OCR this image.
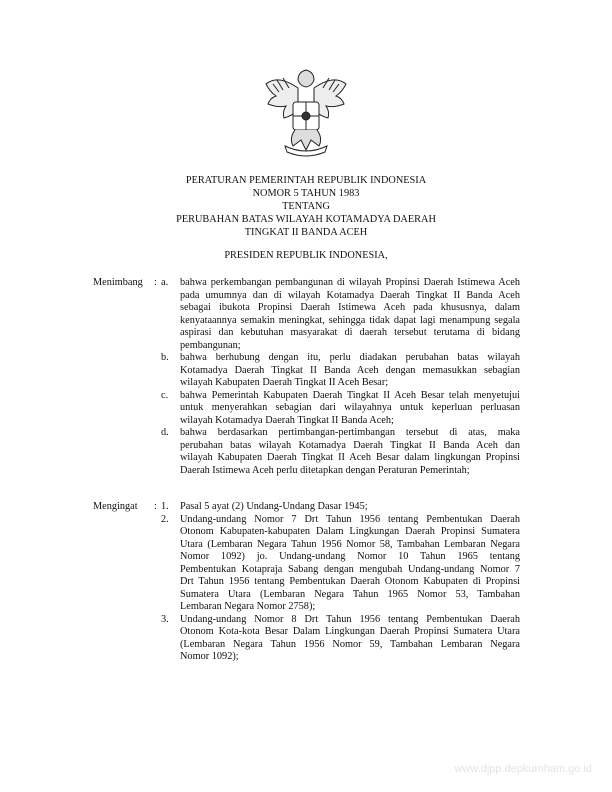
PERATURAN PEMERINTAH REPUBLIK INDONESIA
NOMOR 5 TAHUN 1983
TENTANG
PERUBAHAN BATAS WILAYAH KOTAMADYA DAERAH
TINGKAT II BANDA ACEH
PRESIDEN REPUBLIK INDONESIA,
Menimbang : a. bahwa perkembangan pembangunan di wilayah Propinsi Daerah Istimewa Aceh
pada umumnya dan di wilayah Kotamadya Daerah Tingkat II Banda Aceh
sebagai ibukota Propinsi Daerah Istimewa Aceh pada khususnya, dalam
kenyataannya semakin meningkat, sehingga tidak dapat lagi menampung segala
aspirasi dan kebutuhan masyarakat di daerah tersebut terutama di bidang
pembangunan;
b. bahwa berhubung dengan itu, perlu diadakan perubahan batas wilayah
Kotamadya Daerah Tingkat II Banda Aceh dengan memasukkan sebagian
wilayah Kabupaten Daerah Tingkat II Aceh Besar;
c. bahwa Pemerintah Kabupaten Daerah Tingkat II Aceh Besar telah menyetujui
untuk menyerahkan sebagian dari wilayahnya untuk keperluan perluasan
wilayah Kotamadya Daerah Tingkat II Banda Aceh;
d. bahwa berdasarkan pertimbangan-pertimbangan tersebut di atas, maka
perubahan batas wilayah Kotamadya Daerah Tingkat II Banda Aceh dan
wilayah Kabupaten Daerah Tingkat II Aceh Besar dalam lingkungan Propinsi
Daerah Istimewa Aceh perlu ditetapkan dengan Peraturan Pemerintah;
Mengingat : 1. Pasal 5 ayat (2) Undang-Undang Dasar 1945;
2. Undang-undang Nomor 7 Drt Tahun 1956 tentang Pembentukan Daerah
Otonom Kabupaten-kabupaten Dalam Lingkungan Daerah Propinsi Sumatera
Utara (Lembaran Negara Tahun 1956 Nomor 58, Tambahan Lembaran Negara
Nomor 1092) jo. Undang-undang Nomor 10 Tahun 1965 tentang
Pembentukan Kotapraja Sabang dengan mengubah Undang-undang Nomor 7
Drt Tahun 1956 tentang Pembentukan Daerah Otonom Kabupaten di Propinsi
Sumatera Utara (Lembaran Negara Tahun 1965 Nomor 53, Tambahan
Lembaran Negara Nomor 2758);
3. Undang-undang Nomor 8 Drt Tahun 1956 tentang Pembentukan Daerah
Otonom Kota-kota Besar Dalam Lingkungan Daerah Propinsi Sumatera Utara
(Lembaran Negara Tahun 1956 Nomor 59, Tambahan Lembaran Negara
Nomor 1092);
www.djpp.depkumham.go.id
